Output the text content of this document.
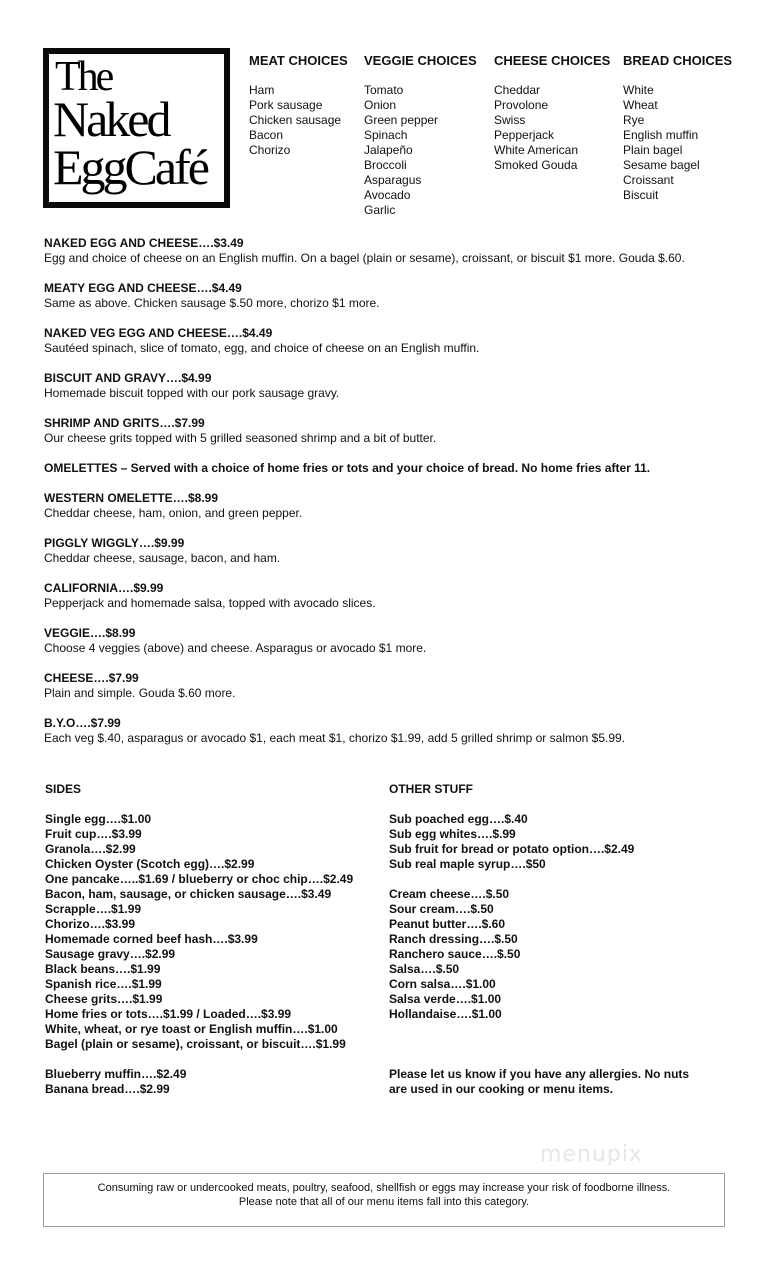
The
Naked
EggCafé
MEAT CHOICES
Ham
Pork sausage
Chicken sausage
Bacon
Chorizo
VEGGIE CHOICES
Tomato
Onion
Green pepper
Spinach
Jalapeño
Broccoli
Asparagus
Avocado
Garlic
CHEESE CHOICES
Cheddar
Provolone
Swiss
Pepperjack
White American
Smoked Gouda
BREAD CHOICES
White
Wheat
Rye
English muffin
Plain bagel
Sesame bagel
Croissant
Biscuit
NAKED EGG AND CHEESE….$3.49
Egg and choice of cheese on an English muffin. On a bagel (plain or sesame), croissant, or biscuit $1 more. Gouda $.60.
MEATY EGG AND CHEESE….$4.49
Same as above. Chicken sausage $.50 more, chorizo $1 more.
NAKED VEG EGG AND CHEESE….$4.49
Sautéed spinach, slice of tomato, egg, and choice of cheese on an English muffin.
BISCUIT AND GRAVY….$4.99
Homemade biscuit topped with our pork sausage gravy.
SHRIMP AND GRITS….$7.99
Our cheese grits topped with 5 grilled seasoned shrimp and a bit of butter.
OMELETTES – Served with a choice of home fries or tots and your choice of bread. No home fries after 11.
WESTERN OMELETTE….$8.99
Cheddar cheese, ham, onion, and green pepper.
PIGGLY WIGGLY….$9.99
Cheddar cheese, sausage, bacon, and ham.
CALIFORNIA….$9.99
Pepperjack and homemade salsa, topped with avocado slices.
VEGGIE….$8.99
Choose 4 veggies (above) and cheese. Asparagus or avocado $1 more.
CHEESE….$7.99
Plain and simple. Gouda $.60 more.
B.Y.O….$7.99
Each veg $.40, asparagus or avocado $1, each meat $1, chorizo $1.99, add 5 grilled shrimp or salmon $5.99.
SIDES
Single egg….$1.00
Fruit cup….$3.99
Granola….$2.99
Chicken Oyster (Scotch egg)….$2.99
One pancake…..$1.69 / blueberry or choc chip….$2.49
Bacon, ham, sausage, or chicken sausage….$3.49
Scrapple….$1.99
Chorizo….$3.99
Homemade corned beef hash….$3.99
Sausage gravy….$2.99
Black beans….$1.99
Spanish rice….$1.99
Cheese grits….$1.99
Home fries or tots….$1.99 / Loaded….$3.99
White, wheat, or rye toast or English muffin….$1.00
Bagel (plain or sesame), croissant, or biscuit….$1.99
Blueberry muffin….$2.49
Banana bread….$2.99
OTHER STUFF
Sub poached egg….$.40
Sub egg whites….$.99
Sub fruit for bread or potato option….$2.49
Sub real maple syrup….$50
Cream cheese….$.50
Sour cream….$.50
Peanut butter….$.60
Ranch dressing….$.50
Ranchero sauce….$.50
Salsa….$.50
Corn salsa….$1.00
Salsa verde….$1.00
Hollandaise….$1.00
Please let us know if you have any allergies. No nuts
are used in our cooking or menu items.
menupix
Consuming raw or undercooked meats, poultry, seafood, shellfish or eggs may increase your risk of foodborne illness.
Please note that all of our menu items fall into this category.
